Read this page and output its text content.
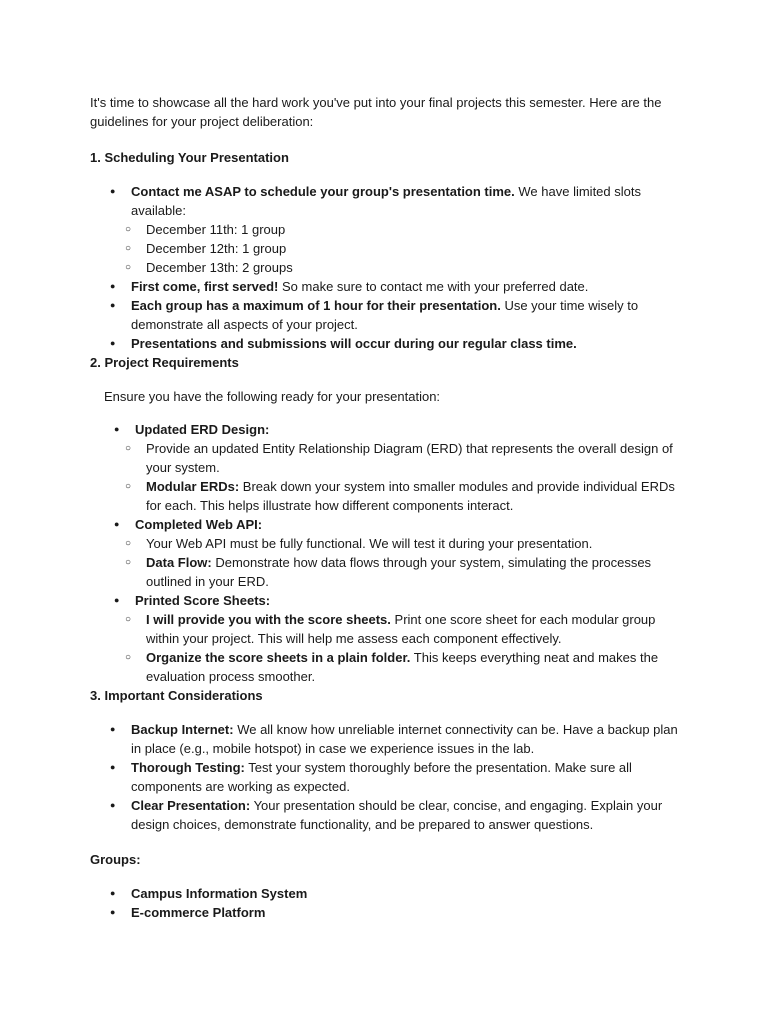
It's time to showcase all the hard work you've put into your final projects this semester. Here are the guidelines for your project deliberation:

1. Scheduling Your Presentation

● Contact me ASAP to schedule your group's presentation time. We have limited slots available:
○ December 11th: 1 group
○ December 12th: 1 group
○ December 13th: 2 groups
● First come, first served! So make sure to contact me with your preferred date.
● Each group has a maximum of 1 hour for their presentation. Use your time wisely to demonstrate all aspects of your project.
● Presentations and submissions will occur during our regular class time.

2. Project Requirements

Ensure you have the following ready for your presentation:

● Updated ERD Design:
○ Provide an updated Entity Relationship Diagram (ERD) that represents the overall design of your system.
○ Modular ERDs: Break down your system into smaller modules and provide individual ERDs for each. This helps illustrate how different components interact.
● Completed Web API:
○ Your Web API must be fully functional. We will test it during your presentation.
○ Data Flow: Demonstrate how data flows through your system, simulating the processes outlined in your ERD.
● Printed Score Sheets:
○ I will provide you with the score sheets. Print one score sheet for each modular group within your project. This will help me assess each component effectively.
○ Organize the score sheets in a plain folder. This keeps everything neat and makes the evaluation process smoother.

3. Important Considerations

● Backup Internet: We all know how unreliable internet connectivity can be. Have a backup plan in place (e.g., mobile hotspot) in case we experience issues in the lab.
● Thorough Testing: Test your system thoroughly before the presentation. Make sure all components are working as expected.
● Clear Presentation: Your presentation should be clear, concise, and engaging. Explain your design choices, demonstrate functionality, and be prepared to answer questions.

Groups:

● Campus Information System
● E-commerce Platform
